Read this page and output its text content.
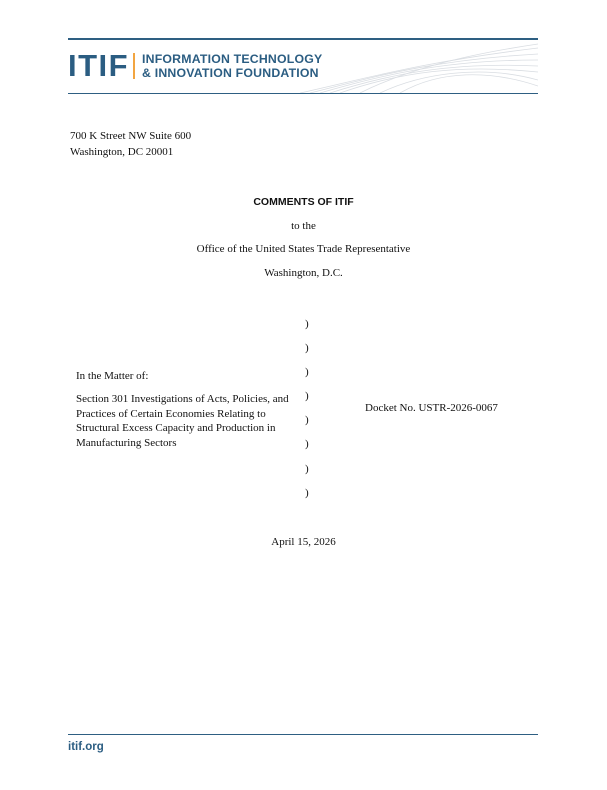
ITIF INFORMATION TECHNOLOGY
& INNOVATION FOUNDATION
700 K Street NW Suite 600
Washington, DC 20001
COMMENTS OF ITIF
to the
Office of the United States Trade Representative
Washington, D.C.
In the Matter of:
Section 301 Investigations of Acts, Policies, and Practices of Certain Economies Relating to Structural Excess Capacity and Production in Manufacturing Sectors
)
)
)
)
)
)
)
)
Docket No. USTR-2026-0067
April 15, 2026
itif.org
